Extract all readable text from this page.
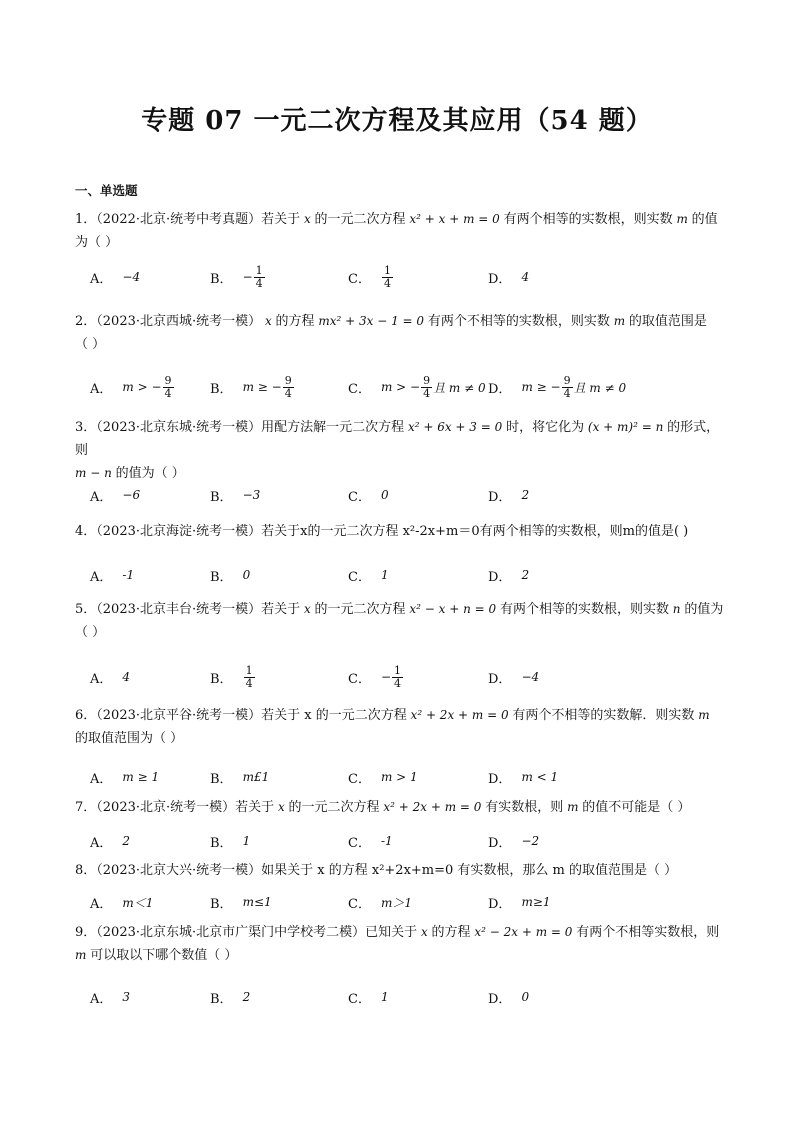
专题 07 一元二次方程及其应用（54 题）
一、单选题
1．（2022·北京·统考中考真题）若关于 x 的一元二次方程 x² + x + m = 0 有两个相等的实数根，则实数 m 的值
为（ ）
A． −4	B． − $\frac{1}{4}$	C． $\frac{1}{4}$	D． 4
2．（2023·北京西城·统考一模） x 的方程 mx² + 3x − 1 = 0 有两个不相等的实数根，则实数 m 的取值范围是
（ ）
A． m > − $\frac{9}{4}$	B． m ≥ − $\frac{9}{4}$	C． m > − $\frac{9}{4}$ 且 m ≠ 0 D． m ≥ − $\frac{9}{4}$ 且 m ≠ 0
3．（2023·北京东城·统考一模）用配方法解一元二次方程 x² + 6x + 3 = 0 时，将它化为 (x + m)² = n 的形式，则
m − n 的值为（ ）
A． −6	B． −3	C． 0	D． 2
4．（2023·北京海淀·统考一模）若关于x的一元二次方程 x²-2x+m＝0有两个相等的实数根，则m的值是( )
A． -1	B． 0	C． 1	D． 2
5．（2023·北京丰台·统考一模）若关于 x 的一元二次方程 x² − x + n = 0 有两个相等的实数根，则实数 n 的值为
（ ）
A． 4	B． $\frac{1}{4}$	C． − $\frac{1}{4}$	D． −4
6．（2023·北京平谷·统考一模）若关于 x 的一元二次方程 x² + 2x + m = 0 有两个不相等的实数解．则实数 m
的取值范围为（ ）
A． m ≥ 1	B． m£1	C． m > 1	D． m < 1
7．（2023·北京·统考一模）若关于 x 的一元二次方程 x² + 2x + m = 0 有实数根，则 m 的值不可能是（ ）
A． 2	B． 1	C． -1	D． −2
8．（2023·北京大兴·统考一模）如果关于 x 的方程 x²+2x+m=0 有实数根，那么 m 的取值范围是（ ）
A． m＜1	B． m≤1	C． m＞1	D． m≥1
9．（2023·北京东城·北京市广渠门中学校考二模）已知关于 x 的方程 x² − 2x + m = 0 有两个不相等实数根，则
m 可以取以下哪个数值（ ）
A． 3	B． 2	C． 1	D． 0
